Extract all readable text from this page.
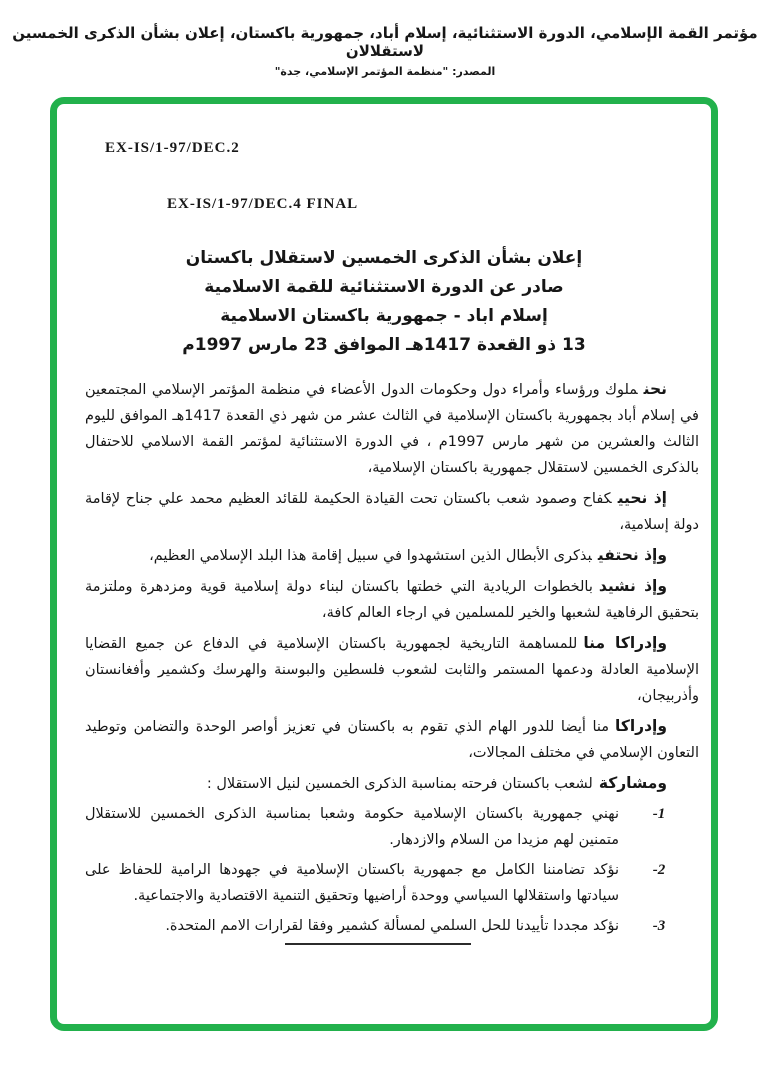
مؤتمر القمة الإسلامي، الدورة الاستثنائية، إسلام أباد، جمهورية باكستان، إعلان بشأن الذكرى الخمسين لاستقلالان
المصدر: "منظمة المؤتمر الإسلامي، جدة"
EX-IS/1-97/DEC.2
EX-IS/1-97/DEC.4 FINAL
إعلان بشأن الذكرى الخمسين لاستقلال باكستان
صادر عن الدورة الاستثنائية للقمة الاسلامية
إسلام اباد - جمهورية باكستان الاسلامية
13 ذو القعدة 1417هـ الموافق 23 مارس 1997م

نحنملوك ورؤساء وأمراء دول وحكومات الدول الأعضاء في منظمة المؤتمر الإسلامي المجتمعين في إسلام أباد بجمهورية باكستان الإسلامية في الثالث عشر من شهر ذي القعدة 1417هـ الموافق لليوم الثالث والعشرين من شهر مارس 1997م ، في الدورة الاستثنائية لمؤتمر القمة الاسلامي للاحتفال بالذكرى الخمسين لاستقلال جمهورية باكستان الإسلامية،

إذ نحييكفاح وصمود شعب باكستان تحت القيادة الحكيمة للقائد العظيم محمد علي جناح لإقامة دولة إسلامية،

وإذ نحتفيبذكرى الأبطال الذين استشهدوا في سبيل إقامة هذا البلد الإسلامي العظيم،

وإذ نشيدبالخطوات الريادية التي خطتها باكستان لبناء دولة إسلامية قوية ومزدهرة وملتزمة بتحقيق الرفاهية لشعبها والخير للمسلمين في ارجاء العالم كافة،

وإدراكا مناللمساهمة التاريخية لجمهورية باكستان الإسلامية في الدفاع عن جميع القضايا الإسلامية العادلة ودعمها المستمر والثابت لشعوب فلسطين والبوسنة والهرسك وكشمير وأفغانستان وأذربيجان،

وإدراكامنا أيضا للدور الهام الذي تقوم به باكستان في تعزيز أواصر الوحدة والتضامن وتوطيد التعاون الإسلامي في مختلف المجالات،

ومشاركةلشعب باكستان فرحته بمناسبة الذكرى الخمسين لنيل الاستقلال :

-1
نهني جمهورية باكستان الإسلامية حكومة وشعبا بمناسبة الذكرى الخمسين للاستقلال متمنين لهم مزيدا من السلام والازدهار.
-2
نؤكد تضامننا الكامل مع جمهورية باكستان الإسلامية في جهودها الرامية للحفاظ على سيادتها واستقلالها السياسي ووحدة أراضيها وتحقيق التنمية الاقتصادية والاجتماعية.
-3
نؤكد مجددا تأييدنا للحل السلمي لمسألة كشمير وفقا لقرارات الامم المتحدة.
